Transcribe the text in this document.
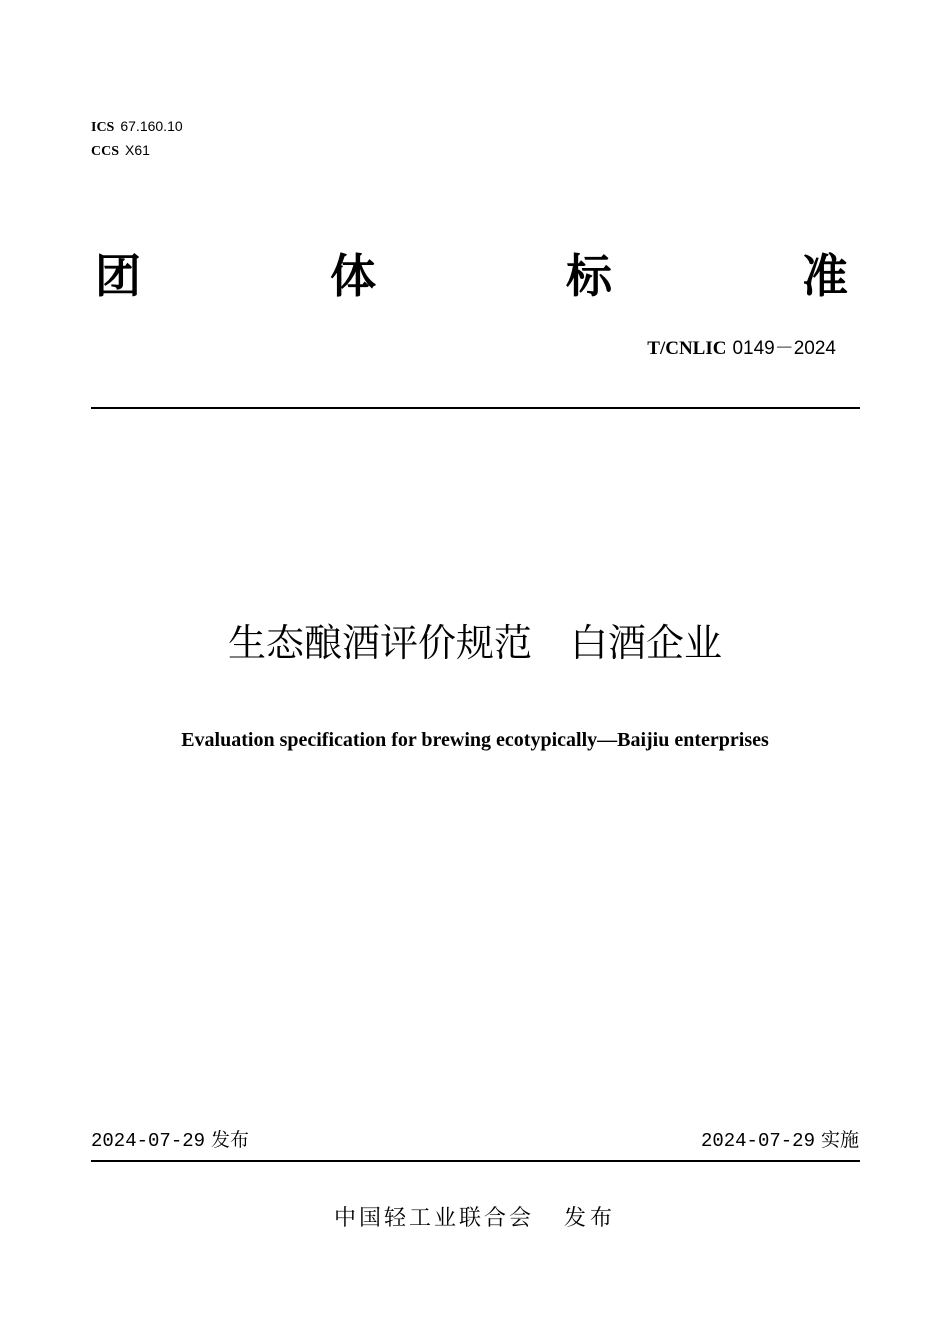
ICS 67.160.10
CCS X61
团	体	标	准
T/CNLIC 0149－2024
生态酿酒评价规范　白酒企业
Evaluation specification for brewing ecotypically—Baijiu enterprises
2024-07-29 发布	2024-07-29 实施
中国轻工业联合会 发布
